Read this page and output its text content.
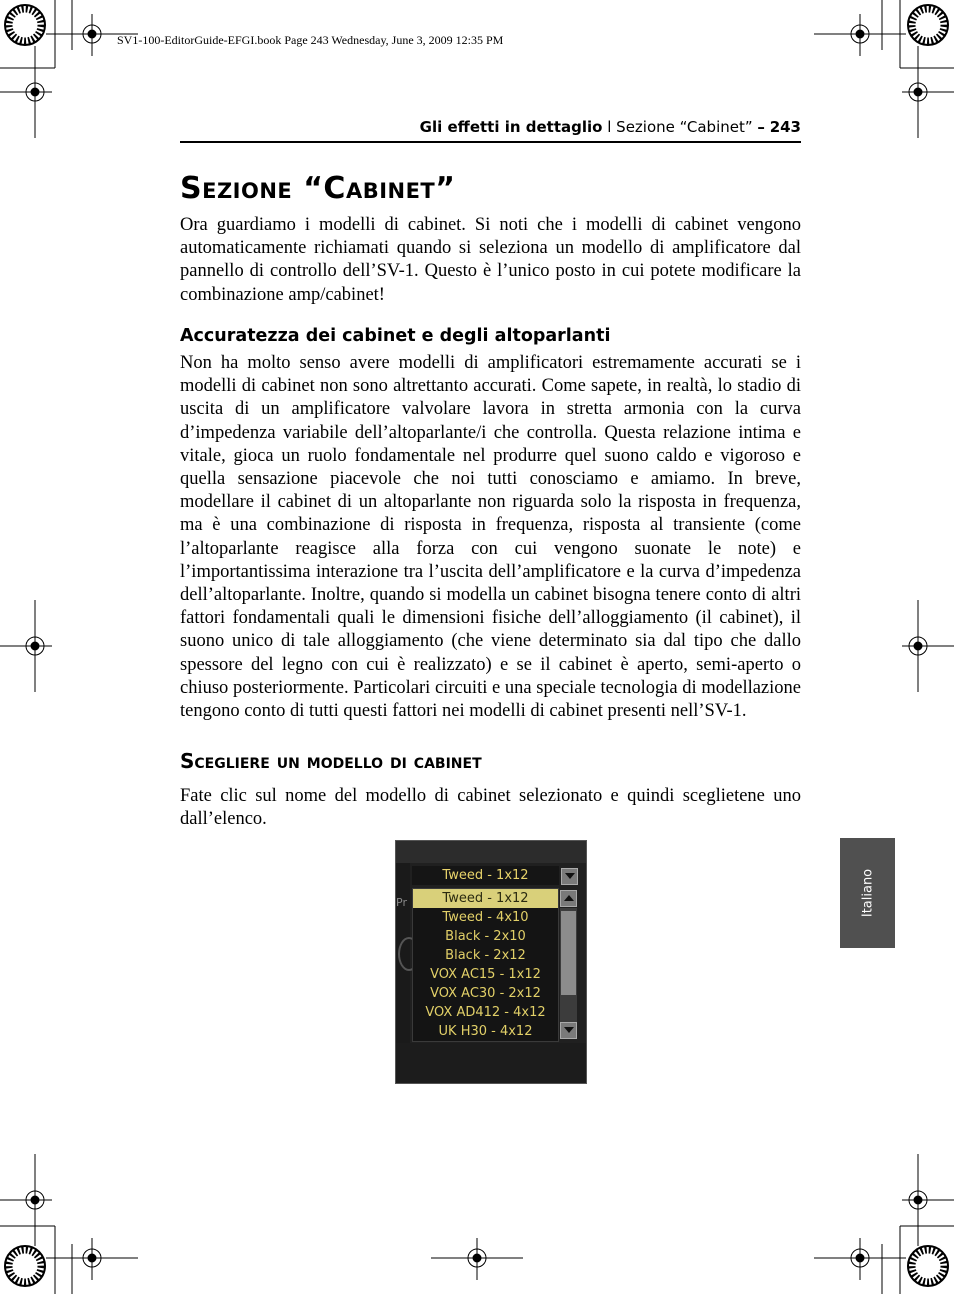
SV1-100-EditorGuide-EFGI.book Page 243 Wednesday, June 3, 2009 12:35 PM
Gli effetti in dettaglio l Sezione “Cabinet” – 243
Sezione “Cabinet”

Ora guardiamo i modelli di cabinet. Si noti che i modelli di cabinet vengono automaticamente richiamati quando si seleziona un modello di amplificatore dal pannello di controllo dell’SV-1. Questo è l’unico posto in cui potete modificare la combinazione amp/cabinet!

Accuratezza dei cabinet e degli altoparlanti

Non ha molto senso avere modelli di amplificatori estremamente accurati se i modelli di cabinet non sono altrettanto accurati. Come sapete, in realtà, lo stadio di uscita di un amplificatore valvolare lavora in stretta armonia con la curva d’impedenza variabile dell’altoparlante/i che controlla. Questa relazione intima e vitale, gioca un ruolo fondamentale nel produrre quel suono caldo e vigoroso e quella sensazione piacevole che noi tutti conosciamo e amiamo. In breve, modellare il cabinet di un altoparlante non riguarda solo la risposta in frequenza, ma è una combinazione di risposta in frequenza, risposta al transiente (come l’altoparlante reagisce alla forza con cui vengono suonate le note) e l’importantissima interazione tra l’uscita dell’amplificatore e la curva d’impedenza dell’altoparlante. Inoltre, quando si modella un cabinet bisogna tenere conto di altri fattori fondamentali quali le dimensioni fisiche dell’alloggiamento (il cabinet), il suono unico di tale alloggiamento (che viene determinato sia dal tipo che dallo spessore del legno con cui è realizzato) e se il cabinet è aperto, semi-aperto o chiuso posteriormente. Particolari circuiti e una speciale tecnologia di modellazione tengono conto di tutti questi fattori nei modelli di cabinet presenti nell’SV-1.

Scegliere un modello di cabinet

Fate clic sul nome del modello di cabinet selezionato e quindi sceglietene uno dall’elenco.

Pr
Tweed - 1x12
Tweed - 1x12
Tweed - 4x10
Black - 2x10
Black - 2x12
VOX AC15 - 1x12
VOX AC30 - 2x12
VOX AD412 - 4x12
UK H30 - 4x12
Italiano
